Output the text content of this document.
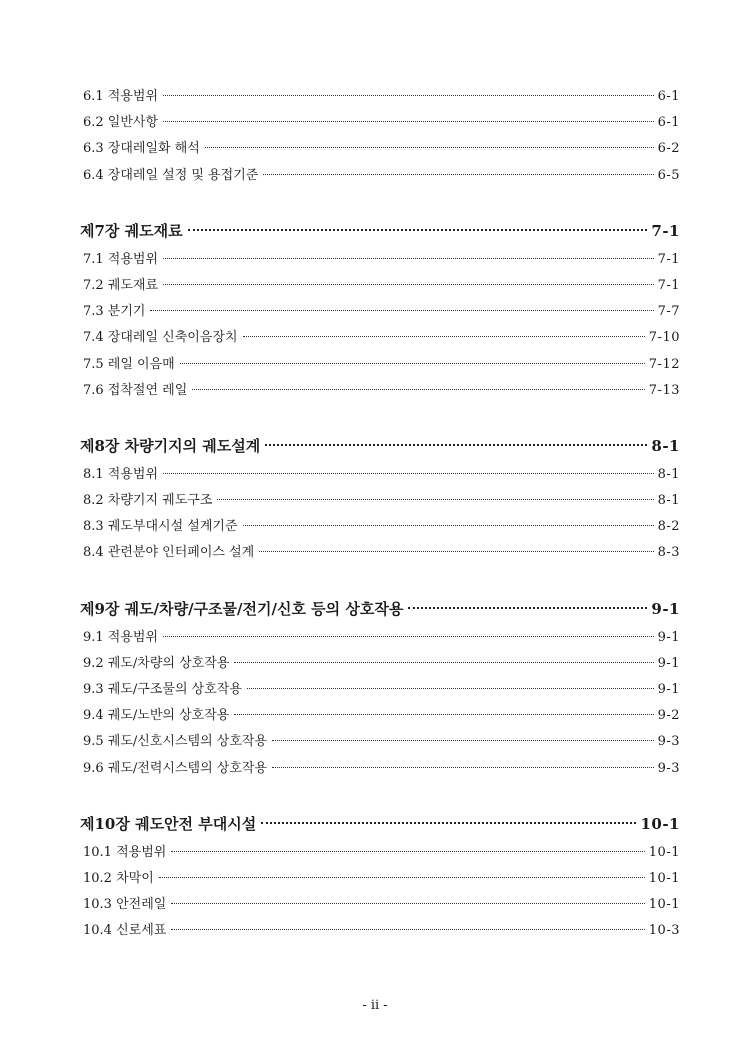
6.1 적용범위	6-1
6.2 일반사항	6-1
6.3 장대레일화 해석	6-2
6.4 장대레일 설정 및 용접기준	6-5
제7장 궤도재료	7-1
7.1 적용범위	7-1
7.2 궤도재료	7-1
7.3 분기기	7-7
7.4 장대레일 신축이음장치	7-10
7.5 레일 이음매	7-12
7.6 접착절연 레일	7-13
제8장 차량기지의 궤도설계	8-1
8.1 적용범위	8-1
8.2 차량기지 궤도구조	8-1
8.3 궤도부대시설 설계기준	8-2
8.4 관련분야 인터페이스 설계	8-3
제9장 궤도/차량/구조물/전기/신호 등의 상호작용	9-1
9.1 적용범위	9-1
9.2 궤도/차량의 상호작용	9-1
9.3 궤도/구조물의 상호작용	9-1
9.4 궤도/노반의 상호작용	9-2
9.5 궤도/신호시스템의 상호작용	9-3
9.6 궤도/전력시스템의 상호작용	9-3
제10장 궤도안전 부대시설	10-1
10.1 적용범위	10-1
10.2 차막이	10-1
10.3 안전레일	10-1
10.4 신로세표	10-3
- ii -
